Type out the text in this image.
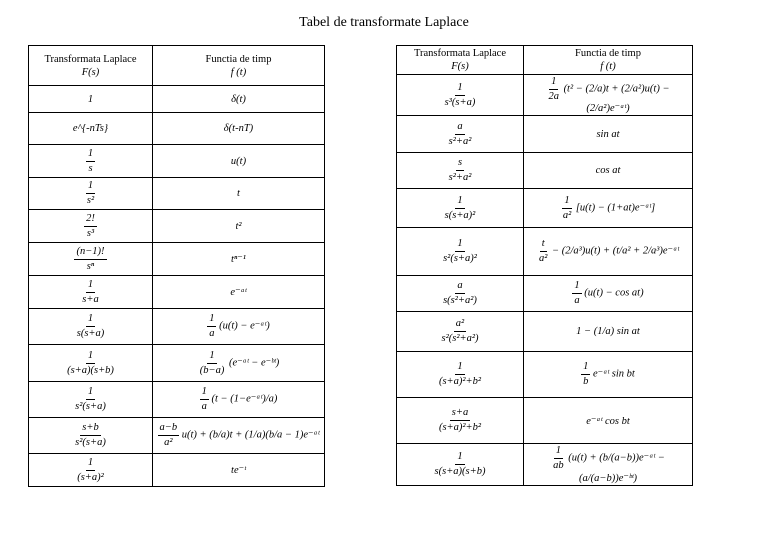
Tabel de transformate Laplace
Transformata Laplace
F(s)	Functia de timp
f (t)
1	δ(t)
e^{-nTs}	δ(t-nT)

$\frac{1}{s}$	u(t)

$\frac{1}{\text{s²}}$	t

$\frac{2!}{\text{s³}}$	t²

$\frac{(n-1)!}{\text{sⁿ}}$	tⁿ⁻¹

$\frac{1}{s+a}$	e⁻ᵃᵗ

$\frac{1}{s(s+a)}$	$\frac{1}{a} (u(t)$ − e⁻ᵃᵗ)

$\frac{1}{(s+a)(s+b)}$	$\frac{1}{(b-a)}$ (e⁻ᵃᵗ − e⁻ᵇᵗ)

$\frac{1}{\text{s²(s+a)}}$	$\frac{1}{a} (t$ − (1−e⁻ᵃᵗ)/a)

$\frac{s+b}{\text{s²(s+a)}}$	$\frac{a-b}{\text{a²}} u(t) + (b/a)t + (1/a)(b/a$ − 1)e⁻ᵃᵗ

$\frac{1}{\text{(s+a)²}}$	te⁻ᵗ
Transformata Laplace
F(s)	Functia de timp
f (t)

$\frac{1}{\text{s³(s+a)}}$	$\frac{1}{2a} (t^2 - (2/a)t + (2/a^2)u(t)$ − (2/a²)e⁻ᵃᵗ)

$\frac{a}{\text{s²+a²}}$	sin at

$\frac{s}{\text{s²+a²}}$	cos at

$\frac{1}{\text{s(s+a)²}}$	$\frac{1}{\text{a²}} [u(t)$ − (1+at)e⁻ᵃᵗ]

$\frac{1}{\text{s²(s+a)²}}$	$\frac{t}{\text{a²}} - (2/a^3)u(t) + (t/a^2$ + 2/a³)e⁻ᵃᵗ

$\frac{a}{\text{s(s²+a²)}}$	$\frac{1}{a} (u(t) - \cos at)$

$\frac{\text{a²}}{\text{s²(s²+a²)}}$	1 − (1/a) sin at

$\frac{1}{\text{(s+a)²+b²}}$	$\frac{1}{b}$ e⁻ᵃᵗ sin bt

$\frac{s+a}{\text{(s+a)²+b²}}$	e⁻ᵃᵗ cos bt

$\frac{1}{s(s+a)(s+b)}$	$\frac{1}{ab} (u(t)$ + (b/(a−b))e⁻ᵃᵗ − (a/(a−b))e⁻ᵇᵗ)
